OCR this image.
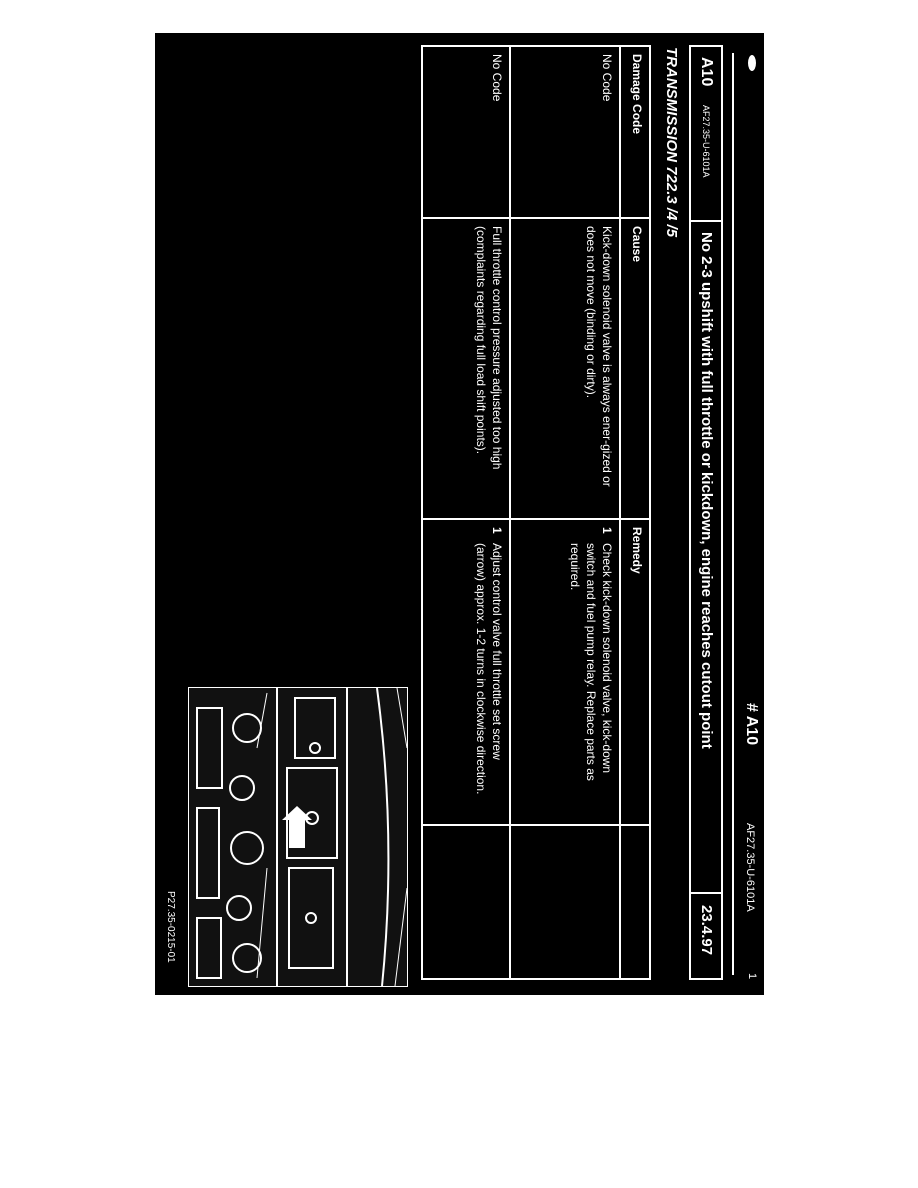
# A10
AF27.35-U-6101A
1
A10
AF27.35-U-6101A
No 2-3 upshift with full throttle or kickdown, engine reaches cutout point
23.4.97
TRANSMISSION 722.3 /4 /5
Damage Code	Cause	Remedy	
No Code	Kick-down solenoid valve is always ener-gized or does not move (binding or dirty).	1Check kick-down solenoid valve, kick-down switch and fuel pump relay. Replace parts as required.	
No Code	Full throttle control pressure adjusted too high (complaints regarding full load shift points).	1Adjust control valve full throttle set screw (arrow) approx. 1-2 turns in clockwise direction.	
P27.35-0215-01
